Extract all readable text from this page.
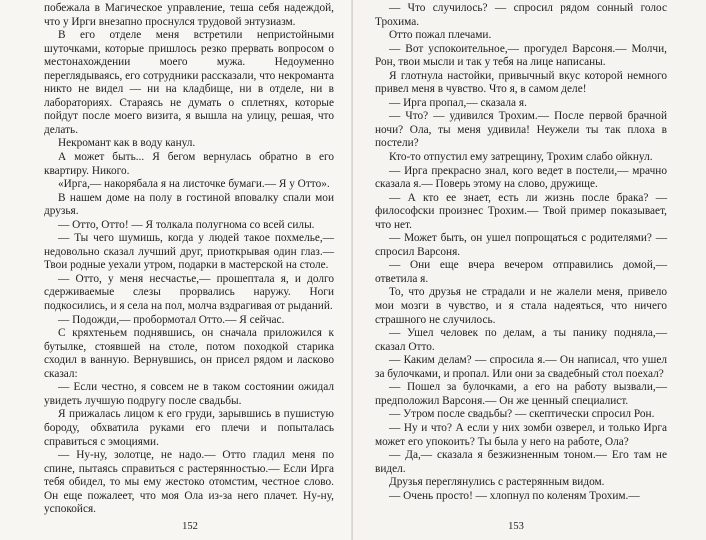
побежала в Магическое управление, теша себя надеждой, что у Ирги внезапно проснулся трудовой энтузиазм.

В его отделе меня встретили непристойными шуточками, которые пришлось резко прервать вопросом о местонахождении моего мужа. Недоуменно переглядываясь, его сотрудники рассказали, что некроманта никто не видел — ни на кладбище, ни в отделе, ни в лабораториях. Стараясь не думать о сплетнях, которые пойдут после моего визита, я вышла на улицу, решая, что делать.

Некромант как в воду канул.

А может быть... Я бегом вернулась обратно в его квартиру. Никого.

«Ирга,— накорябала я на листочке бумаги.— Я у Отто».

В нашем доме на полу в гостиной вповалку спали мои друзья.

— Отто, Отто! — Я толкала полугнома со всей силы.

— Ты чего шумишь, когда у людей такое похмелье,— недовольно сказал лучший друг, приоткрывая один глаз.— Твои родные уехали утром, подарки в мастерской на столе.

— Отто, у меня несчастье,— прошептала я, и долго сдерживаемые слезы прорвались наружу. Ноги подкосились, и я села на пол, молча вздрагивая от рыданий.

— Подожди,— пробормотал Отто.— Я сейчас.

С кряхтеньем поднявшись, он сначала приложился к бутылке, стоявшей на столе, потом походкой старика сходил в ванную. Вернувшись, он присел рядом и ласково сказал:

— Если честно, я совсем не в таком состоянии ожидал увидеть лучшую подругу после свадьбы.

Я прижалась лицом к его груди, зарывшись в пушистую бороду, обхватила руками его плечи и попыталась справиться с эмоциями.

— Ну-ну, золотце, не надо.— Отто гладил меня по спине, пытаясь справиться с растерянностью.— Если Ирга тебя обидел, то мы ему жестоко отомстим, честное слово. Он еще пожалеет, что моя Ола из-за него плачет. Ну-ну, успокойся.

152

— Что случилось? — спросил рядом сонный голос Трохима.

Отто пожал плечами.

— Вот успокоительное,— прогудел Варсоня.— Молчи, Рон, твои мысли и так у тебя на лице написаны.

Я глотнула настойки, привычный вкус которой немного привел меня в чувство. Что я, в самом деле!

— Ирга пропал,— сказала я.

— Что? — удивился Трохим.— После первой брачной ночи? Ола, ты меня удивила! Неужели ты так плоха в постели?

Кто-то отпустил ему затрещину, Трохим слабо ойкнул.

— Ирга прекрасно знал, кого ведет в постели,— мрачно сказала я.— Поверь этому на слово, дружище.

— А кто ее знает, есть ли жизнь после брака? — философски произнес Трохим.— Твой пример показывает, что нет.

— Может быть, он ушел попрощаться с родителями? — спросил Варсоня.

— Они еще вчера вечером отправились домой,— ответила я.

То, что друзья не страдали и не жалели меня, привело мои мозги в чувство, и я стала надеяться, что ничего страшного не случилось.

— Ушел человек по делам, а ты панику подняла,— сказал Отто.

— Каким делам? — спросила я.— Он написал, что ушел за булочками, и пропал. Или они за свадебный стол поехал?

— Пошел за булочками, а его на работу вызвали,— предположил Варсоня.— Он же ценный специалист.

— Утром после свадьбы? — скептически спросил Рон.

— Ну и что? А если у них зомби озверел, и только Ирга может его упокоить? Ты была у него на работе, Ола?

— Да,— сказала я безжизненным тоном.— Его там не видел.

Друзья переглянулись с растерянным видом.

— Очень просто! — хлопнул по коленям Трохим.—

153
